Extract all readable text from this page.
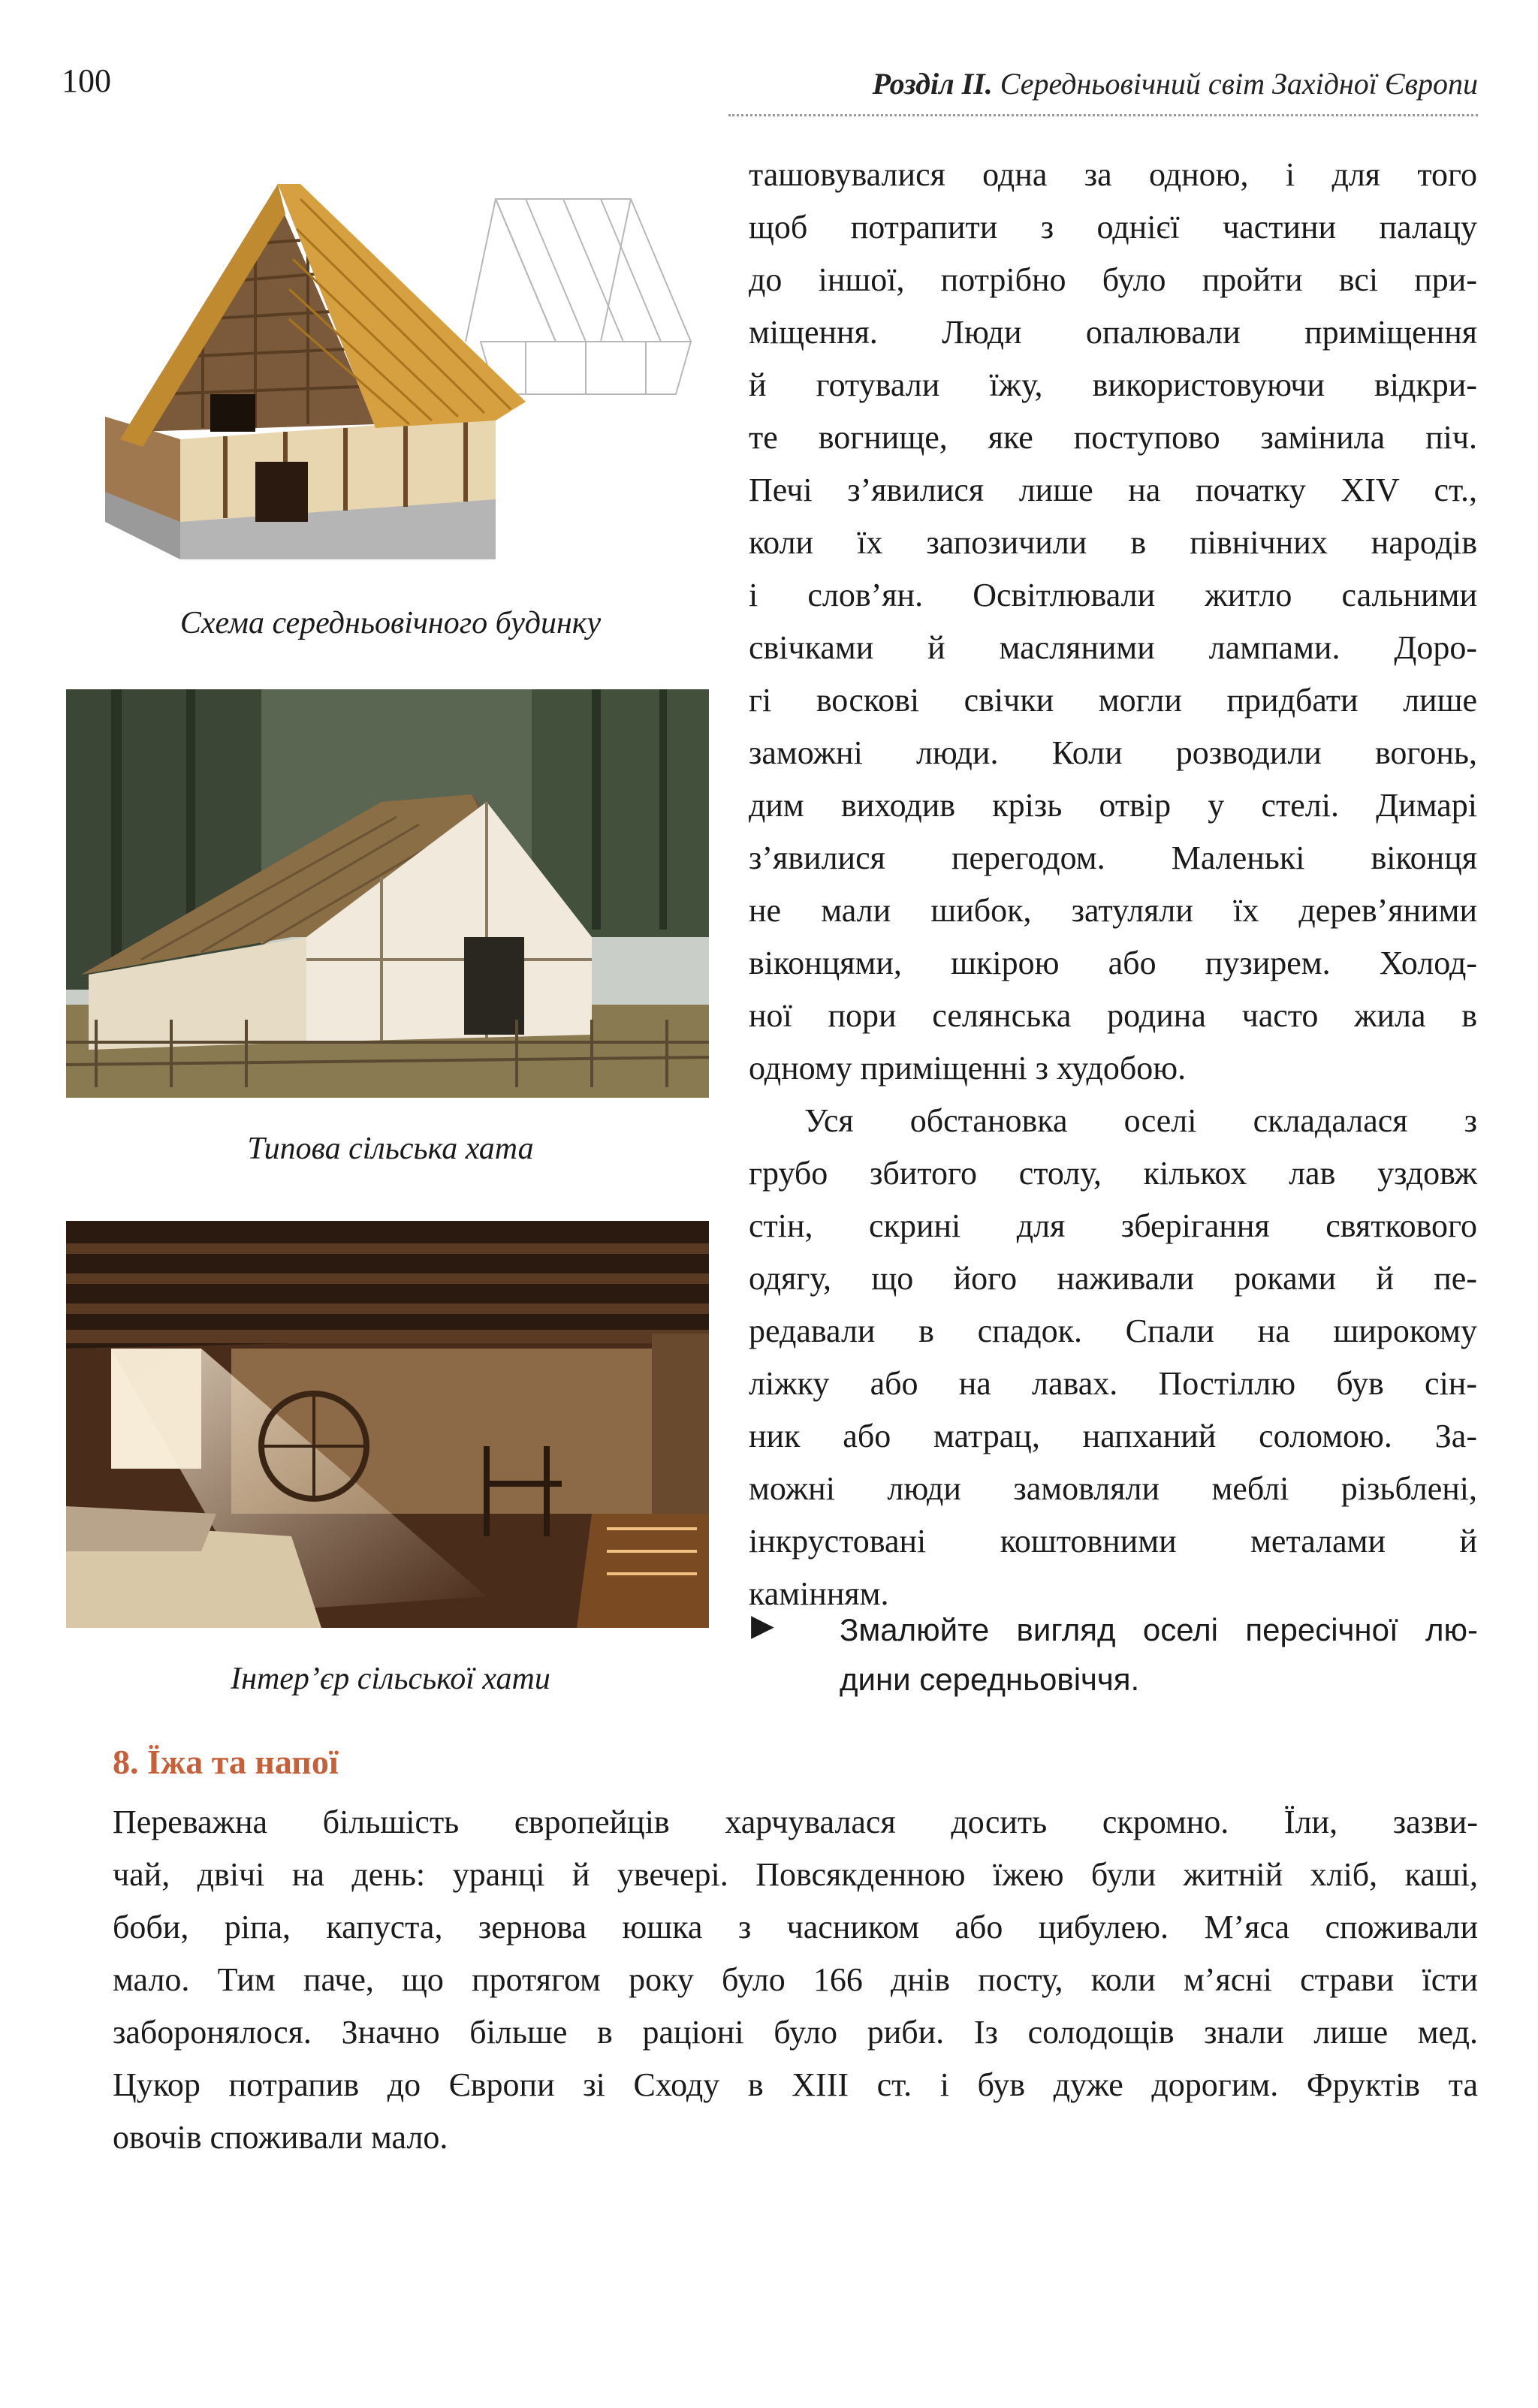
100	Розділ ІІ. Середньовічний світ Західної Європи
Схема середньовічного будинку
Типова сільська хата
Інтер’єр сільської хати
ташовувалися одна за одною, і для того
щоб потрапити з однієї частини палацу
до іншої, потрібно було пройти всі при-
міщення. Люди опалювали приміщення
й готували їжу, використовуючи відкри-
те вогнище, яке поступово замінила піч.
Печі з’явилися лише на початку XIV ст.,
коли їх запозичили в північних народів
і слов’ян. Освітлювали житло сальними
свічками й масляними лампами. Доро-
гі воскові свічки могли придбати лише
заможні люди. Коли розводили вогонь,
дим виходив крізь отвір у стелі. Димарі
з’явилися перегодом. Маленькі віконця
не мали шибок, затуляли їх дерев’яними
віконцями, шкірою або пузирем. Холод-
ної пори селянська родина часто жила в
одному приміщенні з худобою.
Уся обстановка оселі складалася з
грубо збитого столу, кількох лав уздовж
стін, скрині для зберігання святкового
одягу, що його наживали роками й пе-
редавали в спадок. Спали на широкому
ліжку або на лавах. Постіллю був сін-
ник або матрац, напханий соломою. За-
можні люди замовляли меблі різьблені,
інкрустовані коштовними металами й
камінням.
▶ Змалюйте вигляд оселі пересічної лю-
дини середньовіччя.
8. Їжа та напої
Переважна більшість європейців харчувалася досить скромно. Їли, зазви-
чай, двічі на день: уранці й увечері. Повсякденною їжею були житній хліб, каші,
боби, ріпа, капуста, зернова юшка з часником або цибулею. М’яса споживали
мало. Тим паче, що протягом року було 166 днів посту, коли м’ясні страви їсти
заборонялося. Значно більше в раціоні було риби. Із солодощів знали лише мед.
Цукор потрапив до Європи зі Сходу в XIII ст. і був дуже дорогим. Фруктів та
овочів споживали мало.
